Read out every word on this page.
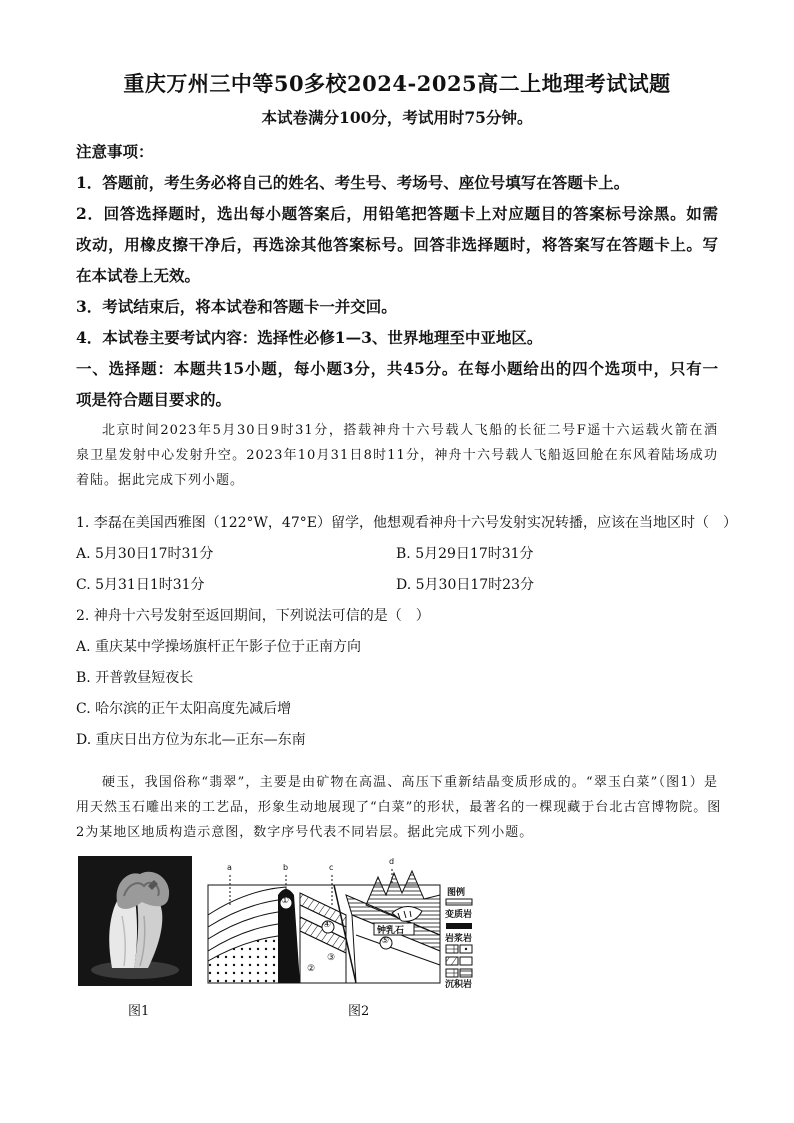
重庆万州三中等50多校2024-2025高二上地理考试试题
本试卷满分100分，考试用时75分钟。
注意事项：
1．答题前，考生务必将自己的姓名、考生号、考场号、座位号填写在答题卡上。
2．回答选择题时，选出每小题答案后，用铅笔把答题卡上对应题目的答案标号涂黑。如需
改动，用橡皮擦干净后，再选涂其他答案标号。回答非选择题时，将答案写在答题卡上。写
在本试卷上无效。
3．考试结束后，将本试卷和答题卡一并交回。
4．本试卷主要考试内容：选择性必修1—3、世界地理至中亚地区。
一、选择题：本题共15小题，每小题3分，共45分。在每小题给出的四个选项中，只有一
项是符合题目要求的。
北京时间2023年5月30日9时31分，搭载神舟十六号载人飞船的长征二号F遥十六运载火箭在酒
泉卫星发射中心发射升空。2023年10月31日8时11分，神舟十六号载人飞船返回舱在东风着陆场成功
着陆。据此完成下列小题。
1. 李磊在美国西雅图（122°W，47°E）留学，他想观看神舟十六号发射实况转播，应该在当地区时（　）
A. 5月30日17时31分	B. 5月29日17时31分
C. 5月31日1时31分	D. 5月30日17时23分
2. 神舟十六号发射至返回期间，下列说法可信的是（　）
A. 重庆某中学操场旗杆正午影子位于正南方向
B. 开普敦昼短夜长
C. 哈尔滨的正午太阳高度先减后增
D. 重庆日出方位为东北—正东—东南
硬玉，我国俗称“翡翠”，主要是由矿物在高温、高压下重新结晶变质形成的。“翠玉白菜”（图1）是
用天然玉石雕出来的工艺品，形象生动地展现了“白菜”的形状，最著名的一棵现藏于台北古宫博物院。图
2为某地区地质构造示意图，数字序号代表不同岩层。据此完成下列小题。
图1
a	b	c
d
①
②
③
④
⑤
钟乳石
图例
变质岩
岩浆岩
沉积岩
图2
